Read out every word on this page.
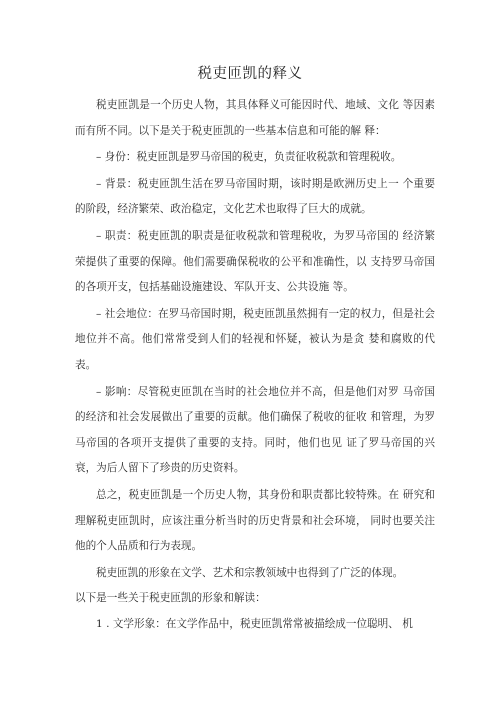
税吏匝凯的释义

税吏匝凯是一个历史人物，其具体释义可能因时代、地域、文化 等因素而有所不同。以下是关于税吏匝凯的一些基本信息和可能的解 释：

– 身份：税吏匝凯是罗马帝国的税吏，负责征收税款和管理税收。

– 背景：税吏匝凯生活在罗马帝国时期，该时期是欧洲历史上一 个重要的阶段，经济繁荣、政治稳定，文化艺术也取得了巨大的成就。

– 职责：税吏匝凯的职责是征收税款和管理税收，为罗马帝国的 经济繁荣提供了重要的保障。他们需要确保税收的公平和准确性，以 支持罗马帝国的各项开支，包括基础设施建设、军队开支、公共设施 等。

– 社会地位：在罗马帝国时期，税吏匝凯虽然拥有一定的权力，但是社会地位并不高。他们常常受到人们的轻视和怀疑，被认为是贪 婪和腐败的代表。

– 影响：尽管税吏匝凯在当时的社会地位并不高，但是他们对罗 马帝国的经济和社会发展做出了重要的贡献。他们确保了税收的征收 和管理，为罗马帝国的各项开支提供了重要的支持。同时，他们也见 证了罗马帝国的兴衰，为后人留下了珍贵的历史资料。

总之，税吏匝凯是一个历史人物，其身份和职责都比较特殊。在 研究和理解税吏匝凯时，应该注重分析当时的历史背景和社会环境， 同时也要关注他的个人品质和行为表现。

税吏匝凯的形象在文学、艺术和宗教领域中也得到了广泛的体现。

以下是一些关于税吏匝凯的形象和解读：

1 . 文学形象：在文学作品中，税吏匝凯常常被描绘成一位聪明、 机
